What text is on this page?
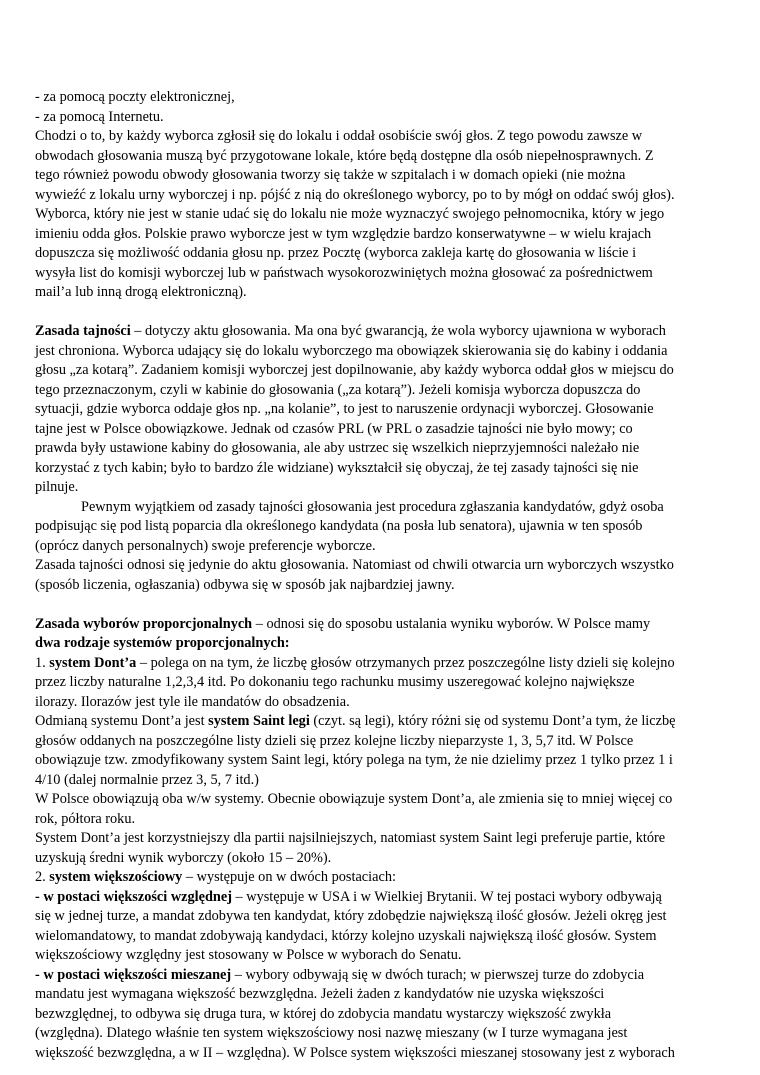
- za pomocą poczty elektronicznej,
- za pomocą Internetu.
Chodzi o to, by każdy wyborca zgłosił się do lokalu i oddał osobiście swój głos. Z tego powodu zawsze w
obwodach głosowania muszą być przygotowane lokale, które będą dostępne dla osób niepełnosprawnych. Z
tego również powodu obwody głosowania tworzy się także w szpitalach i w domach opieki (nie można
wywieźć z lokalu urny wyborczej i np. pójść z nią do określonego wyborcy, po to by mógł on oddać swój głos).
Wyborca, który nie jest w stanie udać się do lokalu nie może wyznaczyć swojego pełnomocnika, który w jego
imieniu odda głos. Polskie prawo wyborcze jest w tym względzie bardzo konserwatywne – w wielu krajach
dopuszcza się możliwość oddania głosu np. przez Pocztę (wyborca zakleja kartę do głosowania w liście i
wysyła list do komisji wyborczej lub w państwach wysokorozwiniętych można głosować za pośrednictwem
mail’a lub inną drogą elektroniczną).
Zasada tajności – dotyczy aktu głosowania. Ma ona być gwarancją, że wola wyborcy ujawniona w wyborach
jest chroniona. Wyborca udający się do lokalu wyborczego ma obowiązek skierowania się do kabiny i oddania
głosu „za kotarą”. Zadaniem komisji wyborczej jest dopilnowanie, aby każdy wyborca oddał głos w miejscu do
tego przeznaczonym, czyli w kabinie do głosowania („za kotarą”). Jeżeli komisja wyborcza dopuszcza do
sytuacji, gdzie wyborca oddaje głos np. „na kolanie”, to jest to naruszenie ordynacji wyborczej. Głosowanie
tajne jest w Polsce obowiązkowe. Jednak od czasów PRL (w PRL o zasadzie tajności nie było mowy; co
prawda były ustawione kabiny do głosowania, ale aby ustrzec się wszelkich nieprzyjemności należało nie
korzystać z tych kabin; było to bardzo źle widziane) wykształcił się obyczaj, że tej zasady tajności się nie
pilnuje.
Pewnym wyjątkiem od zasady tajności głosowania jest procedura zgłaszania kandydatów, gdyż osoba
podpisując się pod listą poparcia dla określonego kandydata (na posła lub senatora), ujawnia w ten sposób
(oprócz danych personalnych) swoje preferencje wyborcze.
Zasada tajności odnosi się jedynie do aktu głosowania. Natomiast od chwili otwarcia urn wyborczych wszystko
(sposób liczenia, ogłaszania) odbywa się w sposób jak najbardziej jawny.
Zasada wyborów proporcjonalnych – odnosi się do sposobu ustalania wyniku wyborów. W Polsce mamy
dwa rodzaje systemów proporcjonalnych:
1. system Dont’a – polega on na tym, że liczbę głosów otrzymanych przez poszczególne listy dzieli się kolejno
przez liczby naturalne 1,2,3,4 itd. Po dokonaniu tego rachunku musimy uszeregować kolejno największe
ilorazy. Ilorazów jest tyle ile mandatów do obsadzenia.
Odmianą systemu Dont’a jest system Saint legi (czyt. są legi), który różni się od systemu Dont’a tym, że liczbę
głosów oddanych na poszczególne listy dzieli się przez kolejne liczby nieparzyste 1, 3, 5,7 itd. W Polsce
obowiązuje tzw. zmodyfikowany system Saint legi, który polega na tym, że nie dzielimy przez 1 tylko przez 1 i
4/10 (dalej normalnie przez 3, 5, 7 itd.)
W Polsce obowiązują oba w/w systemy. Obecnie obowiązuje system Dont’a, ale zmienia się to mniej więcej co
rok, półtora roku.
System Dont’a jest korzystniejszy dla partii najsilniejszych, natomiast system Saint legi preferuje partie, które
uzyskują średni wynik wyborczy (około 15 – 20%).
2. system większościowy – występuje on w dwóch postaciach:
- w postaci większości względnej – występuje w USA i w Wielkiej Brytanii. W tej postaci wybory odbywają
się w jednej turze, a mandat zdobywa ten kandydat, który zdobędzie największą ilość głosów. Jeżeli okręg jest
wielomandatowy, to mandat zdobywają kandydaci, którzy kolejno uzyskali największą ilość głosów. System
większościowy względny jest stosowany w Polsce w wyborach do Senatu.
- w postaci większości mieszanej – wybory odbywają się w dwóch turach; w pierwszej turze do zdobycia
mandatu jest wymagana większość bezwzględna. Jeżeli żaden z kandydatów nie uzyska większości
bezwzględnej, to odbywa się druga tura, w której do zdobycia mandatu wystarczy większość zwykła
(względna). Dlatego właśnie ten system większościowy nosi nazwę mieszany (w I turze wymagana jest
większość bezwzględna, a w II – względna). W Polsce system większości mieszanej stosowany jest z wyborach
